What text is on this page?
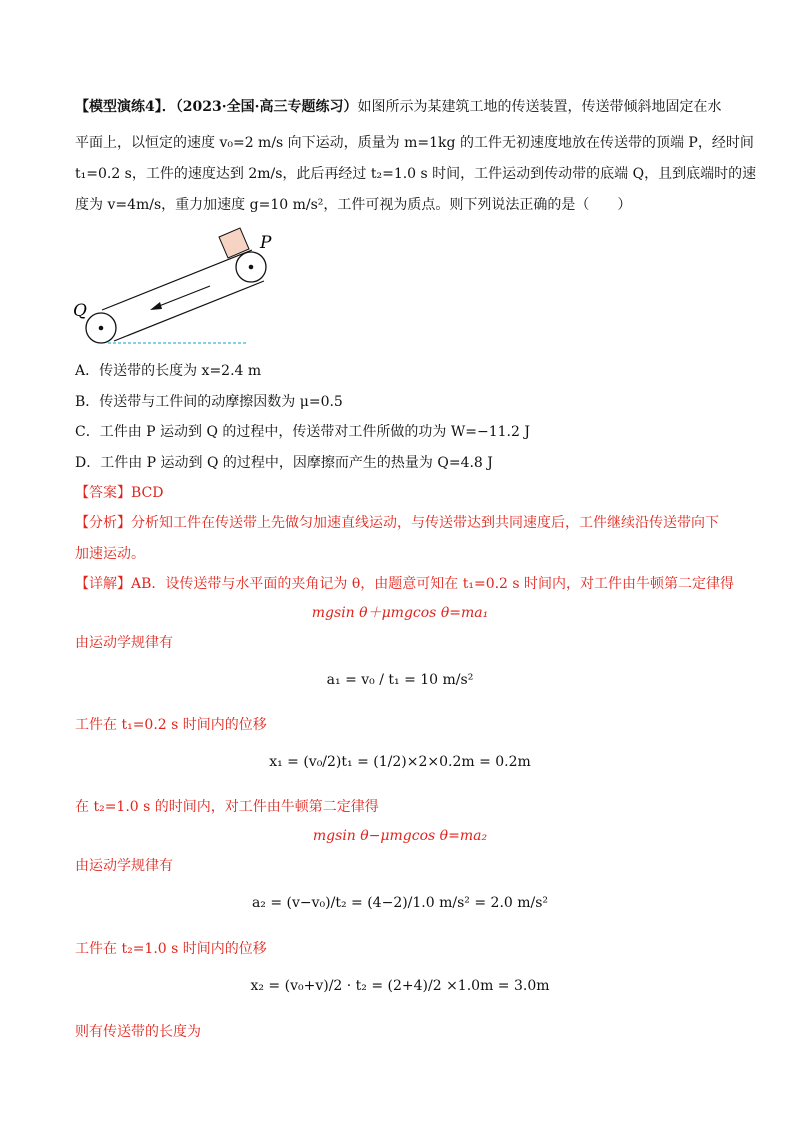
【模型演练4】．（2023·全国·高三专题练习）如图所示为某建筑工地的传送装置，传送带倾斜地固定在水
平面上，以恒定的速度 v₀=2 m/s 向下运动，质量为 m=1kg 的工件无初速度地放在传送带的顶端 P，经时间
t₁=0.2 s，工件的速度达到 2m/s，此后再经过 t₂=1.0 s 时间，工件运动到传动带的底端 Q，且到底端时的速
度为 v=4m/s，重力加速度 g=10 m/s²，工件可视为质点。则下列说法正确的是（　　）
P
Q
A．传送带的长度为 x=2.4 m
B．传送带与工件间的动摩擦因数为 μ=0.5
C．工件由 P 运动到 Q 的过程中，传送带对工件所做的功为 W=−11.2 J
D．工件由 P 运动到 Q 的过程中，因摩擦而产生的热量为 Q=4.8 J
【答案】BCD
【分析】分析知工件在传送带上先做匀加速直线运动，与传送带达到共同速度后，工件继续沿传送带向下
加速运动。
【详解】AB．设传送带与水平面的夹角记为 θ，由题意可知在 t₁=0.2 s 时间内，对工件由牛顿第二定律得
mgsin θ＋μmgcos θ=ma₁
由运动学规律有
a₁ = v₀ / t₁ = 10 m/s²
工件在 t₁=0.2 s 时间内的位移
x₁ = (v₀/2)t₁ = (1/2)×2×0.2m = 0.2m
在 t₂=1.0 s 的时间内，对工件由牛顿第二定律得
mgsin θ−μmgcos θ=ma₂
由运动学规律有
a₂ = (v−v₀)/t₂ = (4−2)/1.0 m/s² = 2.0 m/s²
工件在 t₂=1.0 s 时间内的位移
x₂ = (v₀+v)/2 · t₂ = (2+4)/2 ×1.0m = 3.0m
则有传送带的长度为
